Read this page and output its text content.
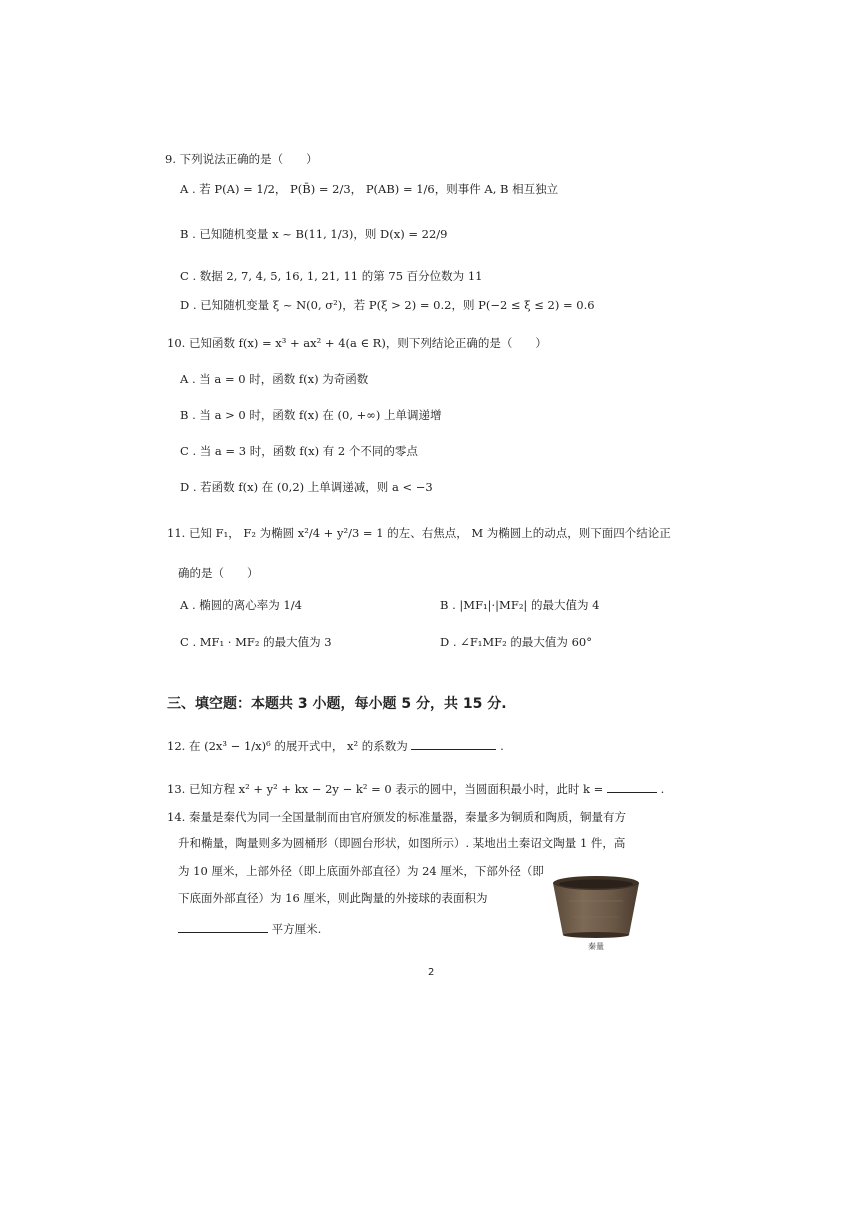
9. 下列说法正确的是（　　）
A . 若 P(A) = 1/2， P(B̄) = 2/3， P(AB) = 1/6，则事件 A, B 相互独立
B . 已知随机变量 x ~ B(11, 1/3)，则 D(x) = 22/9
C . 数据 2, 7, 4, 5, 16, 1, 21, 11 的第 75 百分位数为 11
D . 已知随机变量 ξ ~ N(0, σ²)，若 P(ξ > 2) = 0.2，则 P(−2 ≤ ξ ≤ 2) = 0.6
10. 已知函数 f(x) = x³ + ax² + 4(a ∈ R)，则下列结论正确的是（　　）
A . 当 a = 0 时，函数 f(x) 为奇函数
B . 当 a > 0 时，函数 f(x) 在 (0, +∞) 上单调递增
C . 当 a = 3 时，函数 f(x) 有 2 个不同的零点
D . 若函数 f(x) 在 (0,2) 上单调递减，则 a < −3
11. 已知 F₁， F₂ 为椭圆 x²/4 + y²/3 = 1 的左、右焦点， M 为椭圆上的动点，则下面四个结论正
确的是（　　）
A . 椭圆的离心率为 1/4	B . |MF₁|·|MF₂| 的最大值为 4
C . MF₁ · MF₂ 的最大值为 3	D . ∠F₁MF₂ 的最大值为 60°
三、填空题：本题共 3 小题，每小题 5 分，共 15 分.
12. 在 (2x³ − 1/x)⁶ 的展开式中， x² 的系数为	.
13. 已知方程 x² + y² + kx − 2y − k² = 0 表示的圆中，当圆面积最小时，此时 k =	.
14. 秦量是秦代为同一全国量制而由官府颁发的标准量器，秦量多为铜质和陶质，铜量有方
升和椭量，陶量则多为圆桶形（即圆台形状，如图所示）. 某地出土秦诏文陶量 1 件，高
为 10 厘米，上部外径（即上底面外部直径）为 24 厘米，下部外径（即
下底面外部直径）为 16 厘米，则此陶量的外接球的表面积为
平方厘米.
秦量
2
